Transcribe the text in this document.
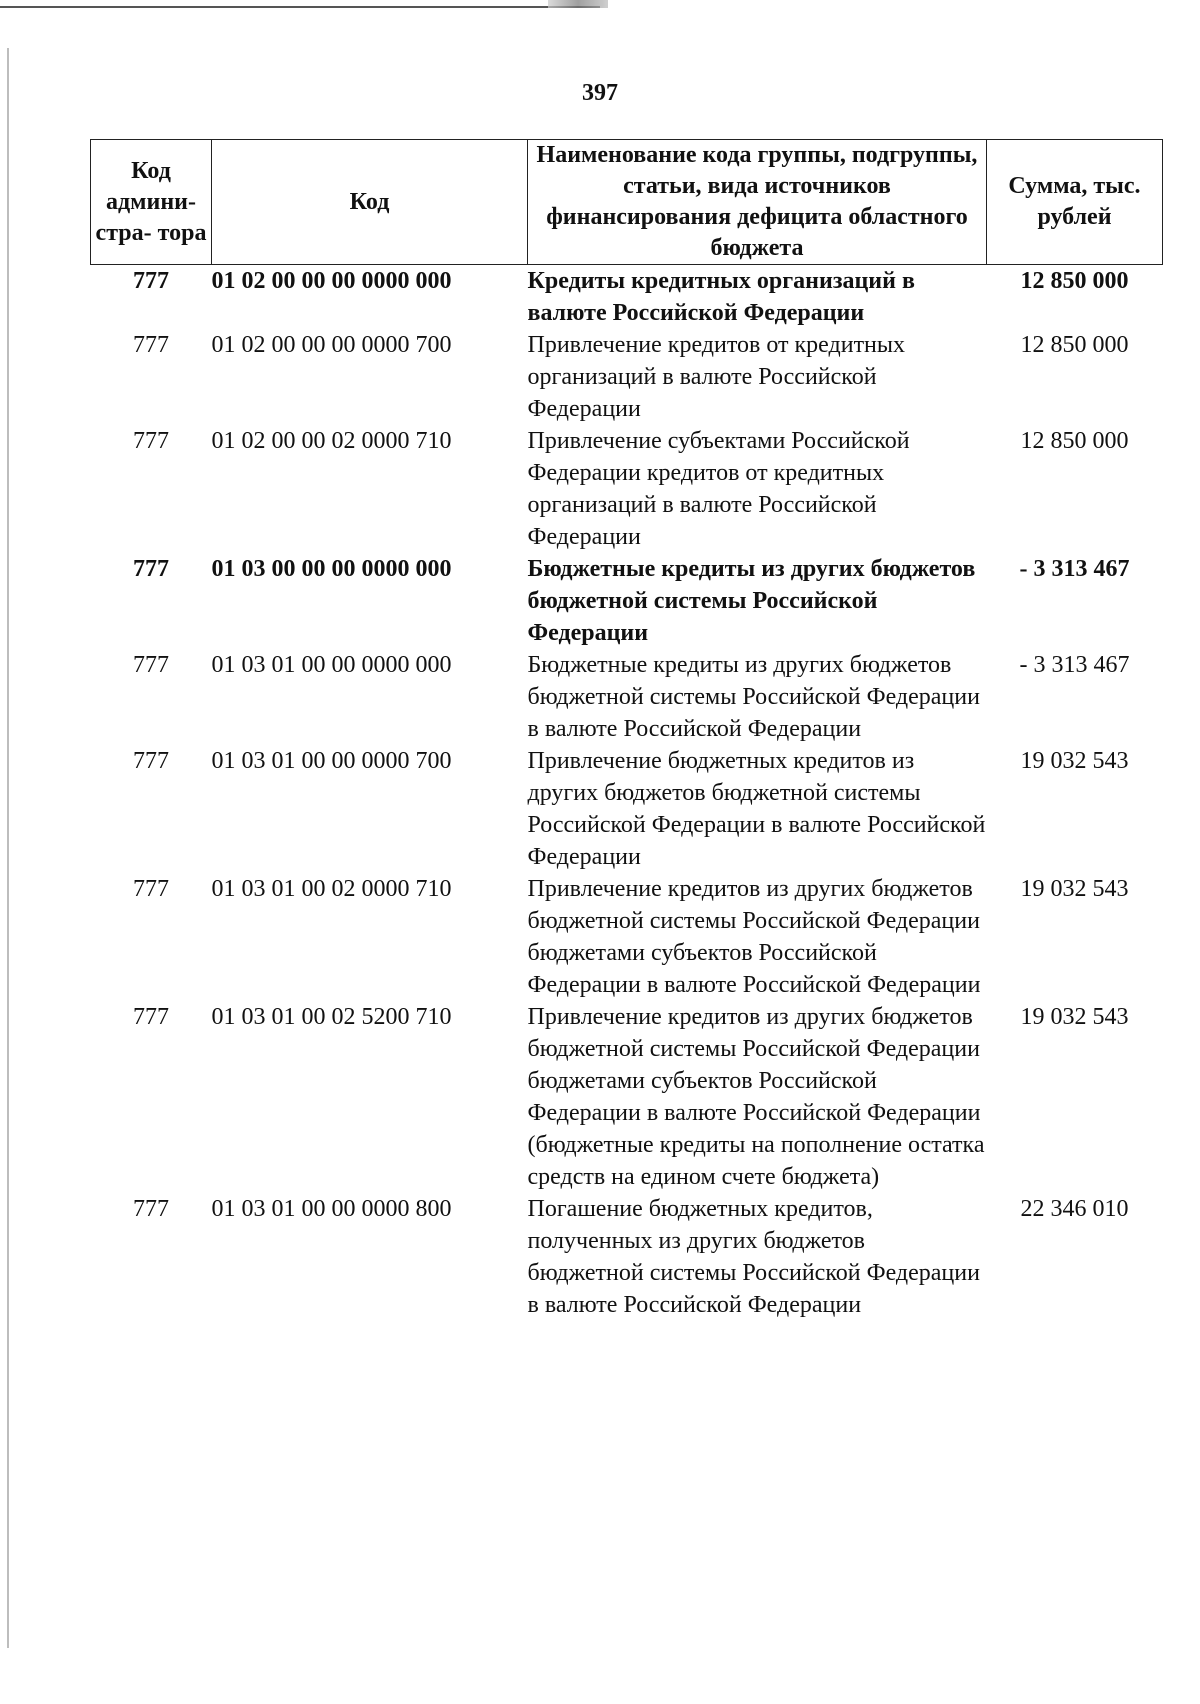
397
Код админи- стра- тора	Код	Наименование кода группы, подгруппы, статьи, вида источников финансирования дефицита областного бюджета	Сумма, тыс. рублей
777	01 02 00 00 00 0000 000	Кредиты кредитных организаций в валюте Российской Федерации	12 850 000
777	01 02 00 00 00 0000 700	Привлечение кредитов от кредитных организаций в валюте Российской Федерации	12 850 000
777	01 02 00 00 02 0000 710	Привлечение субъектами Российской Федерации кредитов от кредитных организаций в валюте Российской Федерации	12 850 000
777	01 03 00 00 00 0000 000	Бюджетные кредиты из других бюджетов бюджетной системы Российской Федерации	- 3 313 467
777	01 03 01 00 00 0000 000	Бюджетные кредиты из других бюджетов бюджетной системы Российской Федерации в валюте Российской Федерации	- 3 313 467
777	01 03 01 00 00 0000 700	Привлечение бюджетных кредитов из других бюджетов бюджетной системы Российской Федерации в валюте Российской Федерации	19 032 543
777	01 03 01 00 02 0000 710	Привлечение кредитов из других бюджетов бюджетной системы Российской Федерации бюджетами субъектов Российской Федерации в валюте Российской Федерации	19 032 543
777	01 03 01 00 02 5200 710	Привлечение кредитов из других бюджетов бюджетной системы Российской Федерации бюджетами субъектов Российской Федерации в валюте Российской Федерации (бюджетные кредиты на пополнение остатка средств на едином счете бюджета)	19 032 543
777	01 03 01 00 00 0000 800	Погашение бюджетных кредитов, полученных из других бюджетов бюджетной системы Российской Федерации в валюте Российской Федерации	22 346 010
